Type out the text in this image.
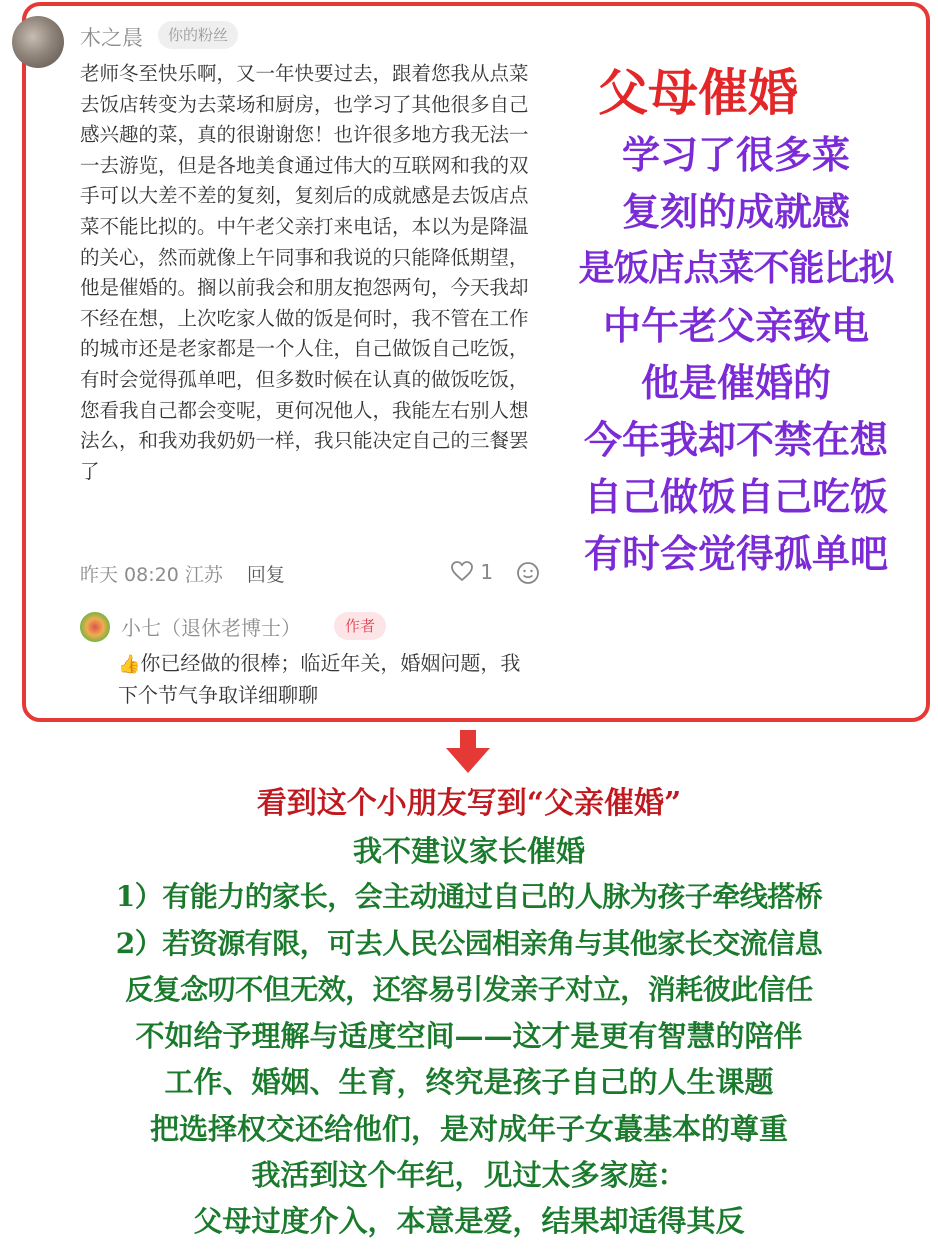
木之晨	你的粉丝
老师冬至快乐啊，又一年快要过去，跟着您我从点菜去饭店转变为去菜场和厨房，也学习了其他很多自己感兴趣的菜，真的很谢谢您！也许很多地方我无法一一去游览，但是各地美食通过伟大的互联网和我的双手可以大差不差的复刻，复刻后的成就感是去饭店点菜不能比拟的。中午老父亲打来电话，本以为是降温的关心，然而就像上午同事和我说的只能降低期望，他是催婚的。搁以前我会和朋友抱怨两句，今天我却不经在想，上次吃家人做的饭是何时，我不管在工作的城市还是老家都是一个人住，自己做饭自己吃饭，有时会觉得孤单吧，但多数时候在认真的做饭吃饭，您看我自己都会变呢，更何况他人，我能左右别人想法么，和我劝我奶奶一样，我只能决定自己的三餐罢了
昨天 08:20 江苏 回复	1
小七（退休老博士）	作者
👍你已经做的很棒；临近年关，婚姻问题，我下个节气争取详细聊聊
父母催婚
学习了很多菜
复刻的成就感
是饭店点菜不能比拟
中午老父亲致电
他是催婚的
今年我却不禁在想
自己做饭自己吃饭
有时会觉得孤单吧
看到这个小朋友写到“父亲催婚”
我不建议家长催婚
1）有能力的家长，会主动通过自己的人脉为孩子牵线搭桥
2）若资源有限，可去人民公园相亲角与其他家长交流信息
反复念叨不但无效，还容易引发亲子对立，消耗彼此信任
不如给予理解与适度空间——这才是更有智慧的陪伴
工作、婚姻、生育，终究是孩子自己的人生课题
把选择权交还给他们，是对成年子女蕞基本的尊重
我活到这个年纪，见过太多家庭：
父母过度介入，本意是爱，结果却适得其反
